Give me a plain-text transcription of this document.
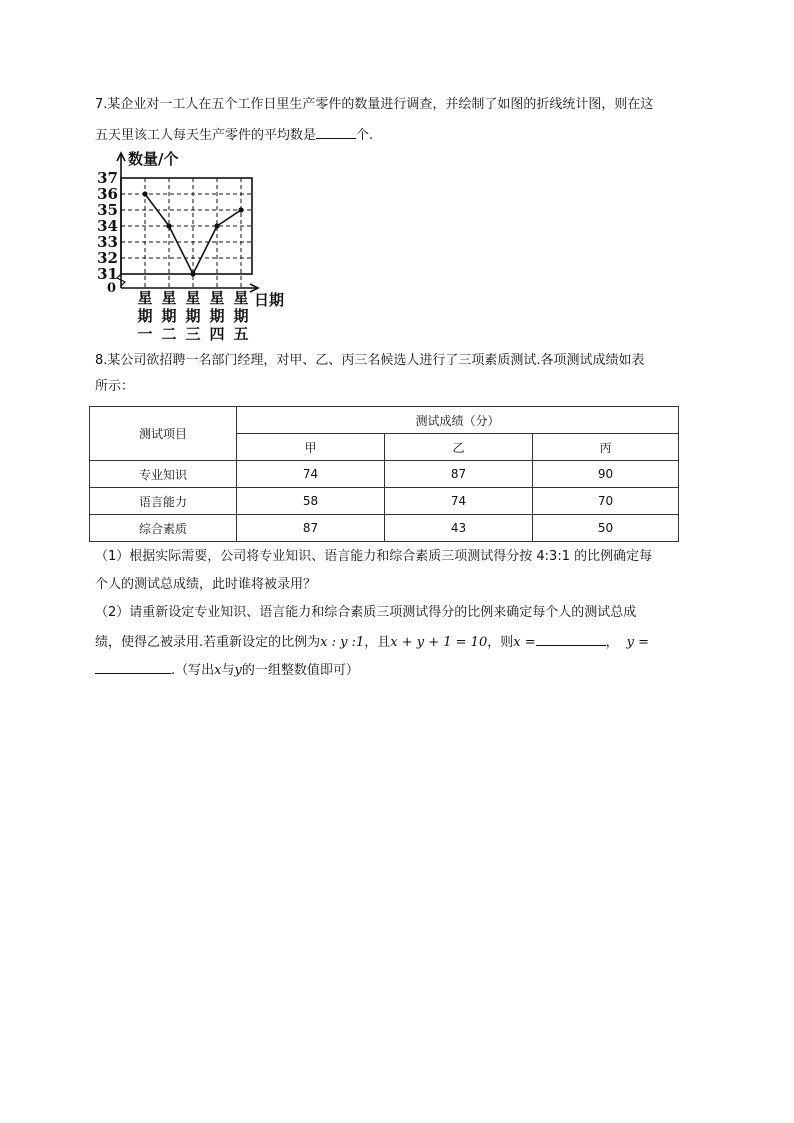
7.某企业对一工人在五个工作日里生产零件的数量进行调查，并绘制了如图的折线统计图，则在这
五天里该工人每天生产零件的平均数是	个.
37
36
35
34
33
32
31
0
数量/个
星
期
一
星
期
二
星
期
三
星
期
四
星
期
五
日期
8.某公司欲招聘一名部门经理，对甲、乙、丙三名候选人进行了三项素质测试.各项测试成绩如表
所示：
测试项目	测试成绩（分）		
	甲	乙	丙
专业知识	74	87	90
语言能力	58	74	70
综合素质	87	43	50
（1）根据实际需要，公司将专业知识、语言能力和综合素质三项测试得分按 4:3:1 的比例确定每
个人的测试总成绩，此时谁将被录用？
（2）请重新设定专业知识、语言能力和综合素质三项测试得分的比例来确定每个人的测试总成
绩，使得乙被录用.若重新设定的比例为x : y :1，且x + y + 1 = 10，则x =	， y =
.（写出x与y的一组整数值即可）
